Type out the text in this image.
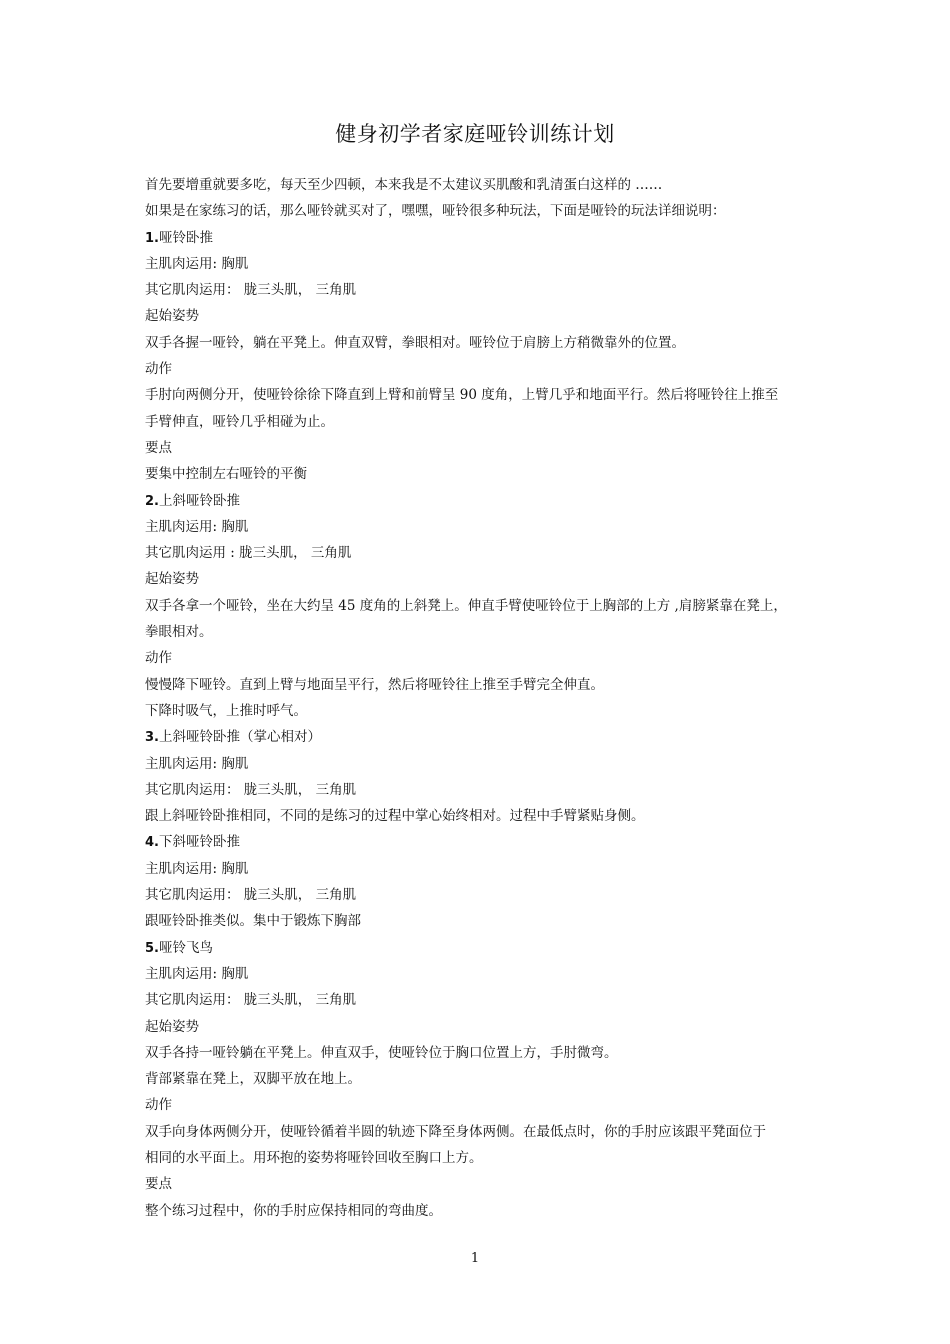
健身初学者家庭哑铃训练计划
首先要增重就要多吃，每天至少四顿，本来我是不太建议买肌酸和乳清蛋白这样的 ……
如果是在家练习的话，那么哑铃就买对了，嘿嘿，哑铃很多种玩法，下面是哑铃的玩法详细说明：
1.哑铃卧推
主肌肉运用: 胸肌
其它肌肉运用： 胧三头肌， 三角肌
起始姿势
双手各握一哑铃，躺在平凳上。伸直双臂，拳眼相对。哑铃位于肩膀上方稍微靠外的位置。
动作
手肘向两侧分开，使哑铃徐徐下降直到上臂和前臂呈 90 度角，上臂几乎和地面平行。然后将哑铃往上推至
手臂伸直，哑铃几乎相碰为止。
要点
要集中控制左右哑铃的平衡
2.上斜哑铃卧推
主肌肉运用: 胸肌
其它肌肉运用 : 胧三头肌， 三角肌
起始姿势
双手各拿一个哑铃，坐在大约呈 45 度角的上斜凳上。伸直手臂使哑铃位于上胸部的上方 ,肩膀紧靠在凳上，
拳眼相对。
动作
慢慢降下哑铃。直到上臂与地面呈平行，然后将哑铃往上推至手臂完全伸直。
下降时吸气，上推时呼气。
3.上斜哑铃卧推（掌心相对）
主肌肉运用: 胸肌
其它肌肉运用： 胧三头肌， 三角肌
跟上斜哑铃卧推相同，不同的是练习的过程中掌心始终相对。过程中手臂紧贴身侧。
4.下斜哑铃卧推
主肌肉运用: 胸肌
其它肌肉运用： 胧三头肌， 三角肌
跟哑铃卧推类似。集中于锻炼下胸部
5.哑铃飞鸟
主肌肉运用: 胸肌
其它肌肉运用： 胧三头肌， 三角肌
起始姿势
双手各持一哑铃躺在平凳上。伸直双手，使哑铃位于胸口位置上方，手肘微弯。
背部紧靠在凳上，双脚平放在地上。
动作
双手向身体两侧分开，使哑铃循着半圆的轨迹下降至身体两侧。在最低点时，你的手肘应该跟平凳面位于
相同的水平面上。用环抱的姿势将哑铃回收至胸口上方。
要点
整个练习过程中，你的手肘应保持相同的弯曲度。
1
